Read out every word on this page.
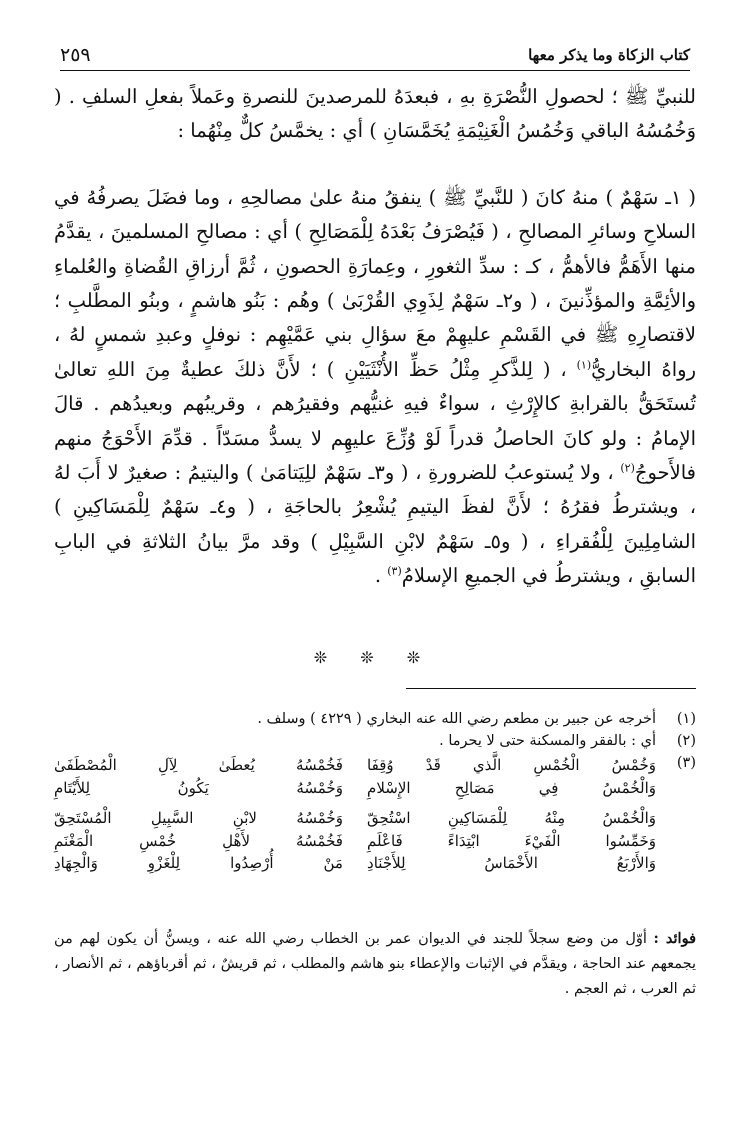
كتاب الزكاة وما يذكر معها
٢٥٩

للنبيِّ ﷺ ؛ لحصولِ النُّصْرَةِ بهِ ، فبعدَهُ للمرصدينَ للنصرةِ وعَملاً بفعلِ السلفِ . ( وَخُمُسُهُ الباقي وَخُمُسُ الْغَنِيْمَةِ يُخَمَّسَانِ ) أي : يخمَّسُ كلٌّ مِنْهُما :

( ١ـ سَهْمٌ ) منهُ كانَ ( للنَّبيِّ ﷺ ) ينفقُ منهُ علىٰ مصالحِهِ ، وما فضَلَ يصرفُهُ في السلاحِ وسائرِ المصالحِ ، ( فَيُصْرَفُ بَعْدَهُ لِلْمَصَالِحِ ) أي : مصالحِ المسلمينَ ، يقدَّمُ منها الأَهَمُّ فالأهمُّ ، كـ : سدِّ الثغورِ ، وعِمارَةِ الحصونِ ، ثُمَّ أرزاقِ القُضاةِ والعُلماءِ والأئِمَّةِ والمؤذِّنينَ ، ( و٢ـ سَهْمٌ لِذَوِي القُرْبَىٰ ) وهُم : بَنُو هاشمٍ ، وبنُو المطَّلبِ ؛ لاقتصارِهِ ﷺ في القَسْمِ عليهِمْ معَ سؤالِ بني عَمَّيْهِم : نوفلٍ وعبدِ شمسٍ لهُ ، رواهُ البخاريُّ$^{(١)}$ ، ( لِلذَّكرِ مِثْلُ حَظِّ الأُنْثَيَيْنِ ) ؛ لأَنَّ ذلكَ عطيةٌ مِنَ اللهِ تعالىٰ تُستَحَقُّ بالقرابةِ كالإِرْثِ ، سواءٌ فيهِ غنيُّهم وفقيرُهم ، وقريبُهم وبعيدُهم . قالَ الإمامُ : ولو كانَ الحاصلُ قدراً لَوْ وُزِّعَ عليهِم لا يسدُّ مسَدّاً . قدِّمَ الأَحْوَجُ منهم فالأَحوجُ$^{(٢)}$ ، ولا يُستوعبُ للضرورةِ ، ( و٣ـ سَهْمٌ للِيَتامَىٰ ) واليتيمُ : صغيرٌ لا أَبَ لهُ ، ويشترطُ فقرُهُ ؛ لأَنَّ لفظَ اليتيمِ يُشْعِرُ بالحاجَةِ ، ( و٤ـ سَهْمٌ لِلْمَسَاكِينِ ) الشامِلِينَ لِلْفُقراءِ ، ( و٥ـ سَهْمٌ لابْنِ السَّبِيْلِ ) وقد مرَّ بيانُ الثلاثةِ في البابِ السابقِ ، ويشترطُ في الجميعِ الإسلامُ$^{(٣)}$ .

❊ ❊ ❊
(١)
أخرجه عن جبير بن مطعم رضي الله عنه البخاري ( ٤٢٢٩ ) وسلف .
(٢)
أي : بالفقر والمسكنة حتى لا يحرما .
(٣)
وَخُمْسُ الْخُمْسِ الَّذي قَدْ وُقِفَا
فَخُمْسُهُ يُعطَىٰ لِآلِ الْمُصْطَفَىٰ
وَالْخُمْسُ فِي مَصَالِحِ الإِسْلامِ
وَخُمْسُهُ يَكُونُ لِلأَيْتَامِ
وَالْخُمْسُ مِنْهُ لِلْمَسَاكِينِ اسْتُحِقّ
وَخُمْسُهُ لابْنِ السَّبِيلِ الْمُسْتَحِقّ
وَخَمِّسُوا الْفَيْءَ ابْتِدَاءً فَاعْلَمِ
فَخُمْسُهُ لأَهْلِ خُمْسِ الْمَغْنَمِ
وَالأَرْبَعُ الأَخْمَاسُ لِلأَجْنَادِ
مَنْ أُرْصِدُوا لِلْغَزْوِ وَالْجِهَادِ
فوائد : أوّل من وضع سجلاً للجند في الديوان عمر بن الخطاب رضي الله عنه ، ويسنُّ أن يكون لهم من يجمعهم عند الحاجة ، ويقدَّم في الإثبات والإعطاء بنو هاشم والمطلب ، ثم قريشٌ ، ثم أقرباؤهم ، ثم الأنصار ، ثم العرب ، ثم العجم .
